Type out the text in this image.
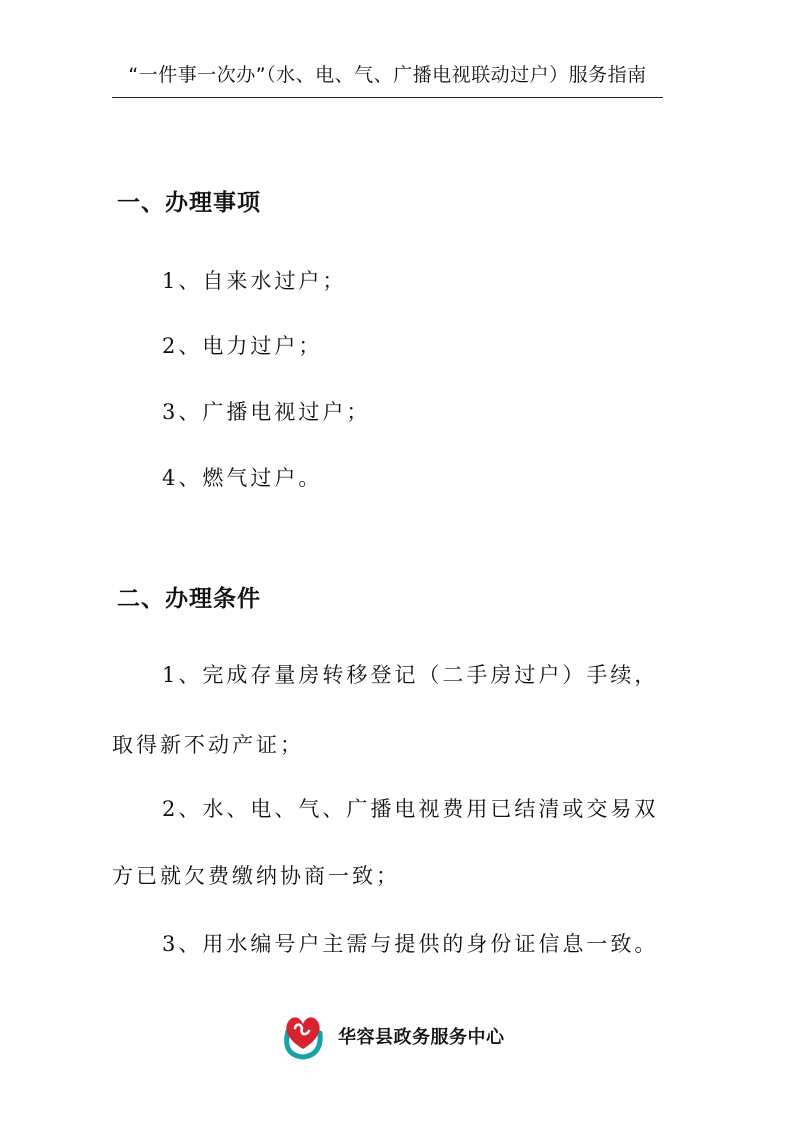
“一件事一次办”（水、电、气、广播电视联动过户）服务指南
一、办理事项
1、自来水过户；
2、电力过户；
3、广播电视过户；
4、燃气过户。
二、办理条件
1、完成存量房转移登记（二手房过户）手续，
取得新不动产证；
2、水、电、气、广播电视费用已结清或交易双
方已就欠费缴纳协商一致；
3、用水编号户主需与提供的身份证信息一致。
华容县政务服务中心
